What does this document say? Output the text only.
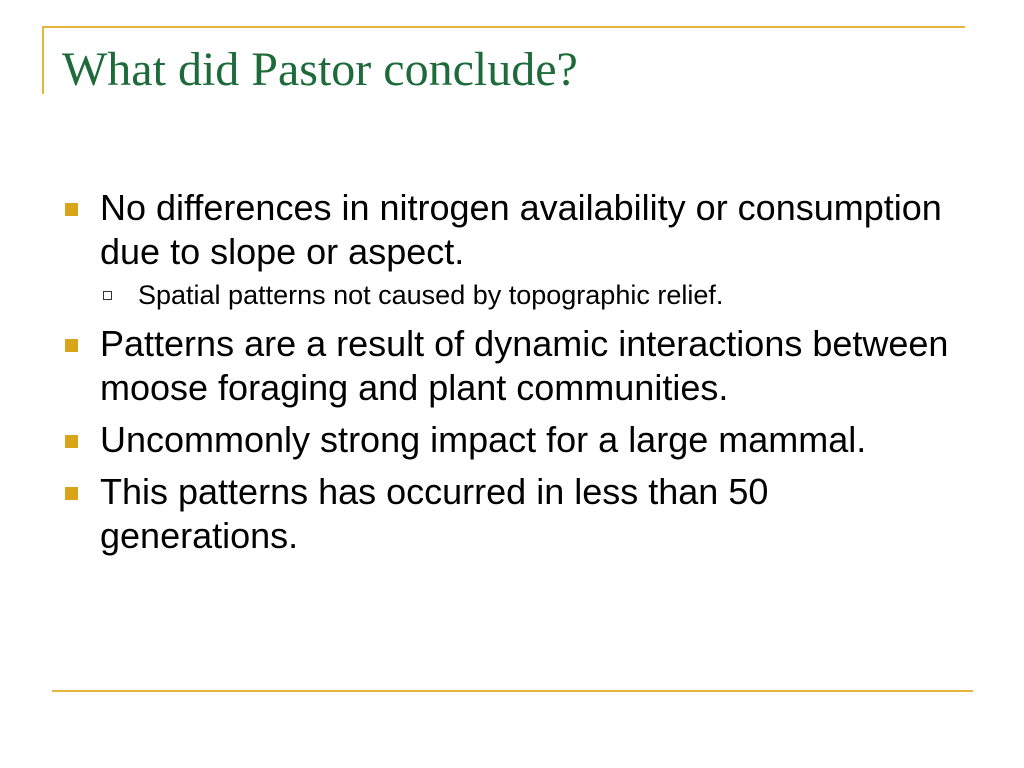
What did Pastor conclude?
No differences in nitrogen availability or consumption due to slope or aspect.
Spatial patterns not caused by topographic relief.
Patterns are a result of dynamic interactions between moose foraging and plant communities.
Uncommonly strong impact for a large mammal.
This patterns has occurred in less than 50 generations.
